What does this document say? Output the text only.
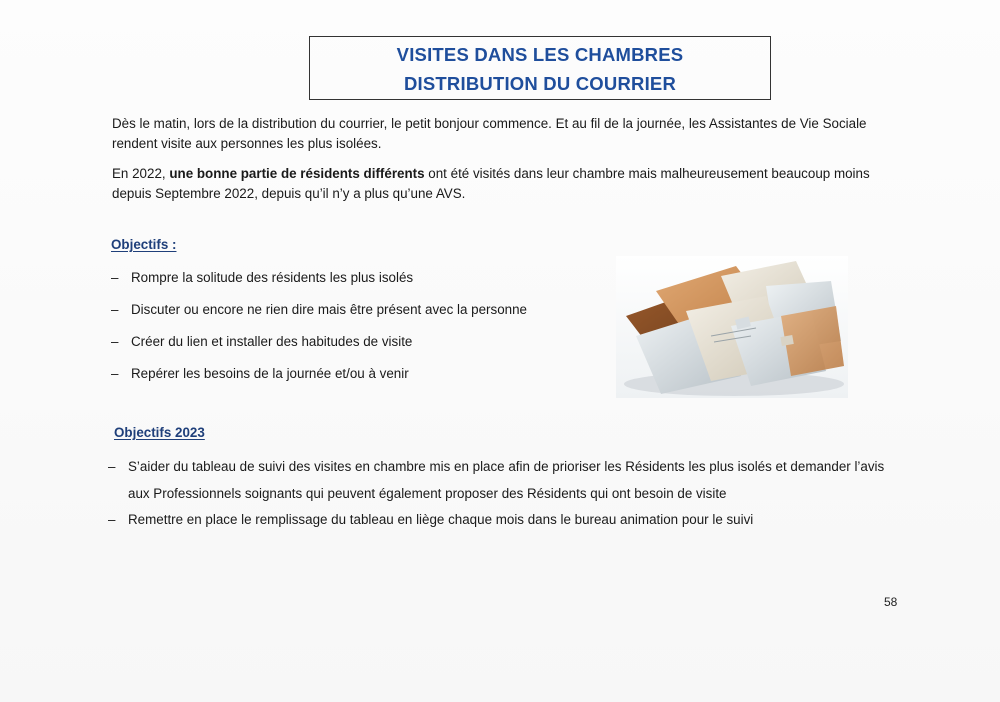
VISITES DANS LES CHAMBRES
DISTRIBUTION DU COURRIER
Dès le matin, lors de la distribution du courrier, le petit bonjour commence. Et au fil de la journée, les Assistantes de Vie Sociale
rendent visite aux personnes les plus isolées.
En 2022, une bonne partie de résidents différents ont été visités dans leur chambre mais malheureusement beaucoup moins
depuis Septembre 2022, depuis qu’il n’y a plus qu’une AVS.
Objectifs :
– Rompre la solitude des résidents les plus isolés
– Discuter ou encore ne rien dire mais être présent avec la personne
– Créer du lien et installer des habitudes de visite
– Repérer les besoins de la journée et/ou à venir
Objectifs 2023
– S’aider du tableau de suivi des visites en chambre mis en place afin de prioriser les Résidents les plus isolés et demander l’avis
aux Professionnels soignants qui peuvent également proposer des Résidents qui ont besoin de visite
– Remettre en place le remplissage du tableau en liège chaque mois dans le bureau animation pour le suivi
58
